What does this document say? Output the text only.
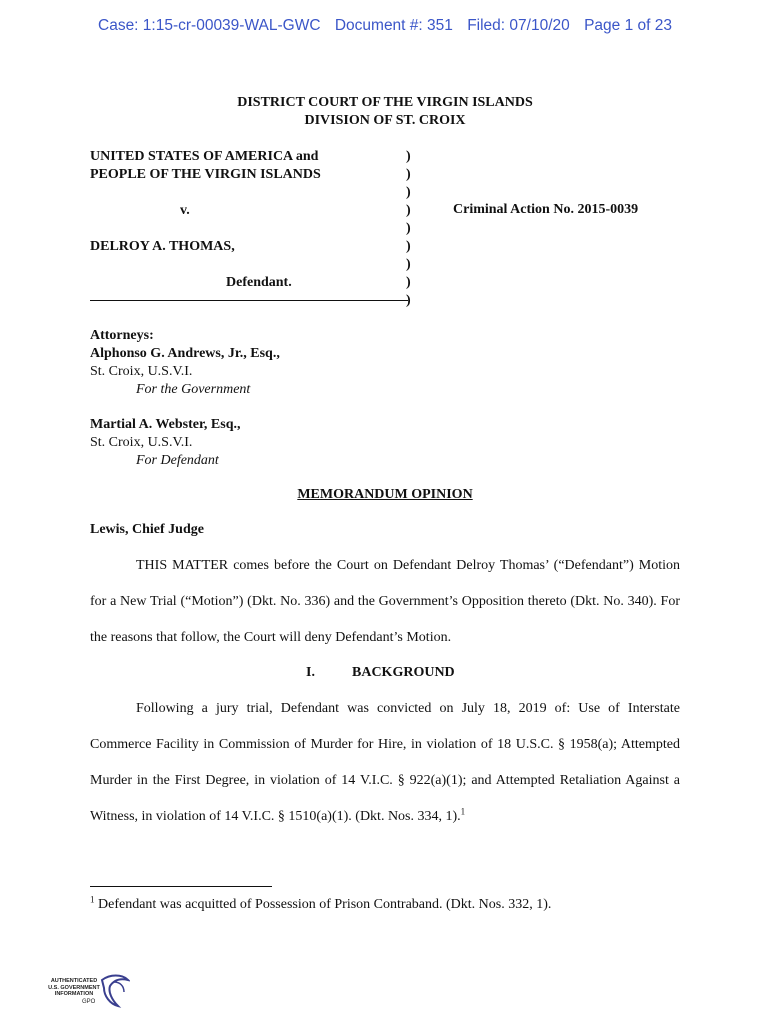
Case: 1:15-cr-00039-WAL-GWC Document #: 351 Filed: 07/10/20 Page 1 of 23
DISTRICT COURT OF THE VIRGIN ISLANDS
DIVISION OF ST. CROIX
UNITED STATES OF AMERICA and
PEOPLE OF THE VIRGIN ISLANDS
v.
DELROY A. THOMAS,
Defendant.
)
)
)
)
)
)
)
)
)
Criminal Action No. 2015-0039
Attorneys:
Alphonso G. Andrews, Jr., Esq.,
St. Croix, U.S.V.I.
For the Government
Martial A. Webster, Esq.,
St. Croix, U.S.V.I.
For Defendant
MEMORANDUM OPINION
Lewis, Chief Judge

THIS MATTER comes before the Court on Defendant Delroy Thomas’ (“Defendant”) Motion for a New Trial (“Motion”) (Dkt. No. 336) and the Government’s Opposition thereto (Dkt. No. 340). For the reasons that follow, the Court will deny Defendant’s Motion.

I.	BACKGROUND

Following a jury trial, Defendant was convicted on July 18, 2019 of: Use of Interstate Commerce Facility in Commission of Murder for Hire, in violation of 18 U.S.C. § 1958(a); Attempted Murder in the First Degree, in violation of 14 V.I.C. § 922(a)(1); and Attempted Retaliation Against a Witness, in violation of 14 V.I.C. § 1510(a)(1). (Dkt. Nos. 334, 1).$^1$

$^1$ Defendant was acquitted of Possession of Prison Contraband. (Dkt. Nos. 332, 1).
AUTHENTICATED
U.S. GOVERNMENT
INFORMATION
GPO
